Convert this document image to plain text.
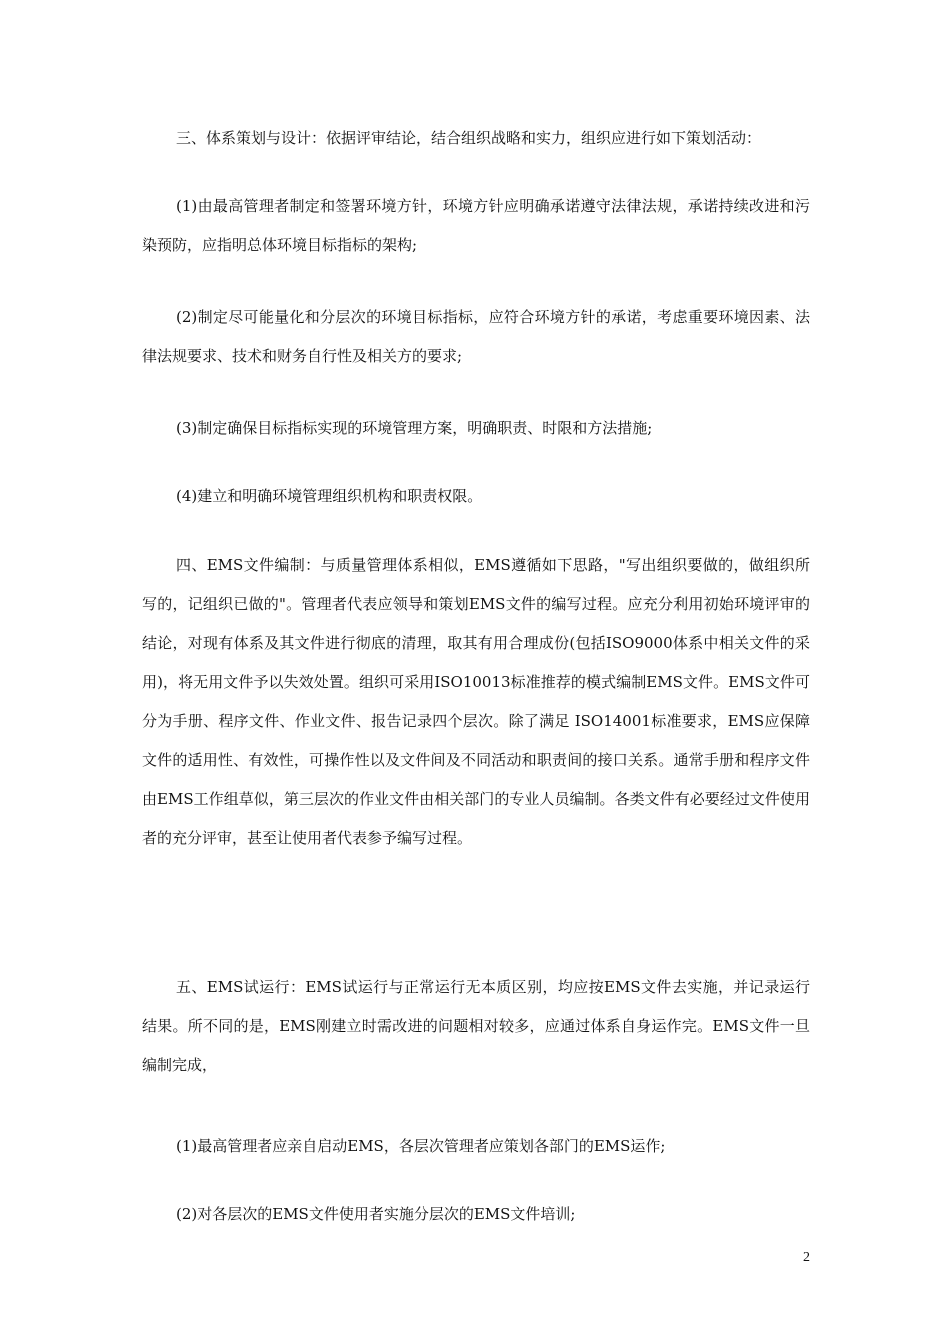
三、体系策划与设计：依据评审结论，结合组织战略和实力，组织应进行如下策划活动：

(1)由最高管理者制定和签署环境方针，环境方针应明确承诺遵守法律法规，承诺持续改进和污染预防，应指明总体环境目标指标的架构;

(2)制定尽可能量化和分层次的环境目标指标，应符合环境方针的承诺，考虑重要环境因素、法律法规要求、技术和财务自行性及相关方的要求;

(3)制定确保目标指标实现的环境管理方案，明确职责、时限和方法措施;

(4)建立和明确环境管理组织机构和职责权限。

四、EMS文件编制：与质量管理体系相似，EMS遵循如下思路，"写出组织要做的，做组织所写的，记组织已做的"。管理者代表应领导和策划EMS文件的编写过程。应充分利用初始环境评审的结论，对现有体系及其文件进行彻底的清理，取其有用合理成份(包括ISO9000体系中相关文件的采用)，将无用文件予以失效处置。组织可采用ISO10013标准推荐的模式编制EMS文件。EMS文件可分为手册、程序文件、作业文件、报告记录四个层次。除了满足 ISO14001标准要求，EMS应保障文件的适用性、有效性，可操作性以及文件间及不同活动和职责间的接口关系。通常手册和程序文件由EMS工作组草似，第三层次的作业文件由相关部门的专业人员编制。各类文件有必要经过文件使用者的充分评审，甚至让使用者代表参予编写过程。

五、EMS试运行：EMS试运行与正常运行无本质区别，均应按EMS文件去实施，并记录运行结果。所不同的是，EMS刚建立时需改进的问题相对较多，应通过体系自身运作完。EMS文件一旦编制完成，

(1)最高管理者应亲自启动EMS，各层次管理者应策划各部门的EMS运作;

(2)对各层次的EMS文件使用者实施分层次的EMS文件培训;

2
